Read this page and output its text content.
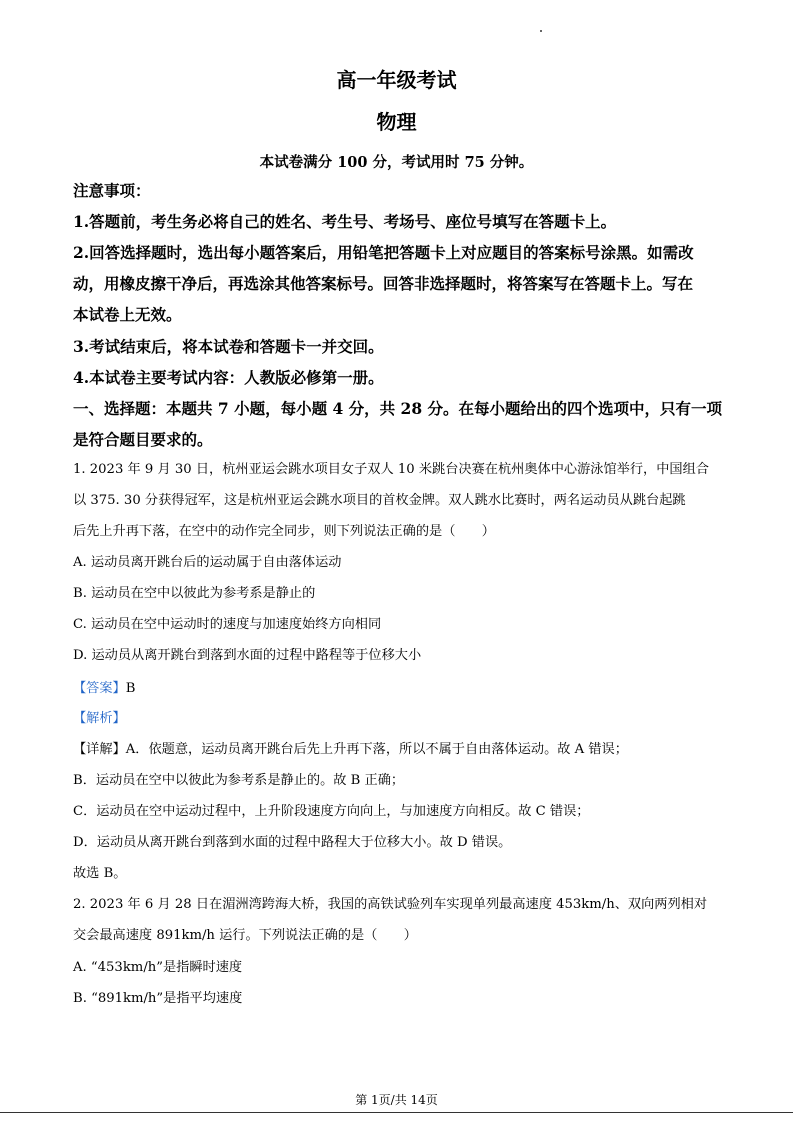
高一年级考试
物理
本试卷满分 100 分，考试用时 75 分钟。
注意事项：
1.答题前，考生务必将自己的姓名、考生号、考场号、座位号填写在答题卡上。
2.回答选择题时，选出每小题答案后，用铅笔把答题卡上对应题目的答案标号涂黑。如需改
动，用橡皮擦干净后，再选涂其他答案标号。回答非选择题时，将答案写在答题卡上。写在
本试卷上无效。
3.考试结束后，将本试卷和答题卡一并交回。
4.本试卷主要考试内容：人教版必修第一册。
一、选择题：本题共 7 小题，每小题 4 分，共 28 分。在每小题给出的四个选项中，只有一项
是符合题目要求的。
1. 2023 年 9 月 30 日，杭州亚运会跳水项目女子双人 10 米跳台决赛在杭州奥体中心游泳馆举行，中国组合
以 375. 30 分获得冠军，这是杭州亚运会跳水项目的首枚金牌。双人跳水比赛时，两名运动员从跳台起跳
后先上升再下落，在空中的动作完全同步，则下列说法正确的是（　　）
A. 运动员离开跳台后的运动属于自由落体运动
B. 运动员在空中以彼此为参考系是静止的
C. 运动员在空中运动时的速度与加速度始终方向相同
D. 运动员从离开跳台到落到水面的过程中路程等于位移大小
【答案】B
【解析】
【详解】A．依题意，运动员离开跳台后先上升再下落，所以不属于自由落体运动。故 A 错误；
B．运动员在空中以彼此为参考系是静止的。故 B 正确；
C．运动员在空中运动过程中，上升阶段速度方向向上，与加速度方向相反。故 C 错误；
D．运动员从离开跳台到落到水面的过程中路程大于位移大小。故 D 错误。
故选 B。
2. 2023 年 6 月 28 日在湄洲湾跨海大桥，我国的高铁试验列车实现单列最高速度 453km/h、双向两列相对
交会最高速度 891km/h 运行。下列说法正确的是（　　）
A. “453km/h”是指瞬时速度
B. “891km/h”是指平均速度
第 1页/共 14页
